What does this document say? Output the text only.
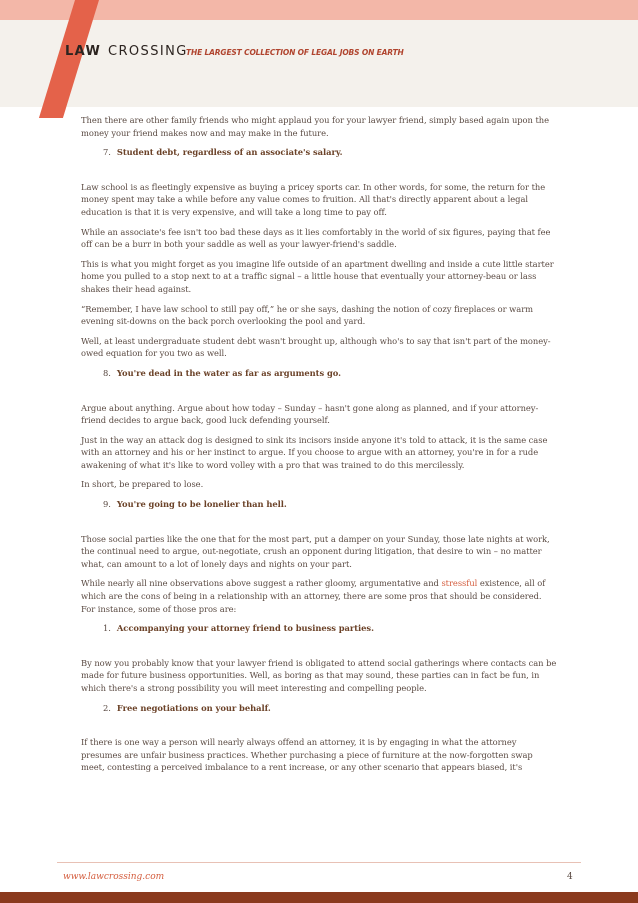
LAW CROSSING
THE LARGEST COLLECTION OF LEGAL JOBS ON EARTH

Then there are other family friends who might applaud you for your lawyer friend, simply based again upon the money your friend makes now and may make in the future.

7. Student debt, regardless of an associate's salary.

Law school is as fleetingly expensive as buying a pricey sports car. In other words, for some, the return for the money spent may take a while before any value comes to fruition. All that's directly apparent about a legal education is that it is very expensive, and will take a long time to pay off.

While an associate's fee isn't too bad these days as it lies comfortably in the world of six figures, paying that fee off can be a burr in both your saddle as well as your lawyer-friend's saddle.

This is what you might forget as you imagine life outside of an apartment dwelling and inside a cute little starter home you pulled to a stop next to at a traffic signal – a little house that eventually your attorney-beau or lass shakes their head against.

“Remember, I have law school to still pay off,” he or she says, dashing the notion of cozy fireplaces or warm evening sit-downs on the back porch overlooking the pool and yard.

Well, at least undergraduate student debt wasn't brought up, although who's to say that isn't part of the money-owed equation for you two as well.

8. You're dead in the water as far as arguments go.

Argue about anything. Argue about how today – Sunday – hasn't gone along as planned, and if your attorney-friend decides to argue back, good luck defending yourself.

Just in the way an attack dog is designed to sink its incisors inside anyone it's told to attack, it is the same case with an attorney and his or her instinct to argue. If you choose to argue with an attorney, you're in for a rude awakening of what it's like to word volley with a pro that was trained to do this mercilessly.

In short, be prepared to lose.

9. You're going to be lonelier than hell.

Those social parties like the one that for the most part, put a damper on your Sunday, those late nights at work, the continual need to argue, out-negotiate, crush an opponent during litigation, that desire to win – no matter what, can amount to a lot of lonely days and nights on your part.

While nearly all nine observations above suggest a rather gloomy, argumentative and stressful existence, all of which are the cons of being in a relationship with an attorney, there are some pros that should be considered. For instance, some of those pros are:

1. Accompanying your attorney friend to business parties.

By now you probably know that your lawyer friend is obligated to attend social gatherings where contacts can be made for future business opportunities. Well, as boring as that may sound, these parties can in fact be fun, in which there's a strong possibility you will meet interesting and compelling people.

2. Free negotiations on your behalf.

If there is one way a person will nearly always offend an attorney, it is by engaging in what the attorney presumes are unfair business practices. Whether purchasing a piece of furniture at the now-forgotten swap meet, contesting a perceived imbalance to a rent increase, or any other scenario that appears biased, it's

www.lawcrossing.com	4
